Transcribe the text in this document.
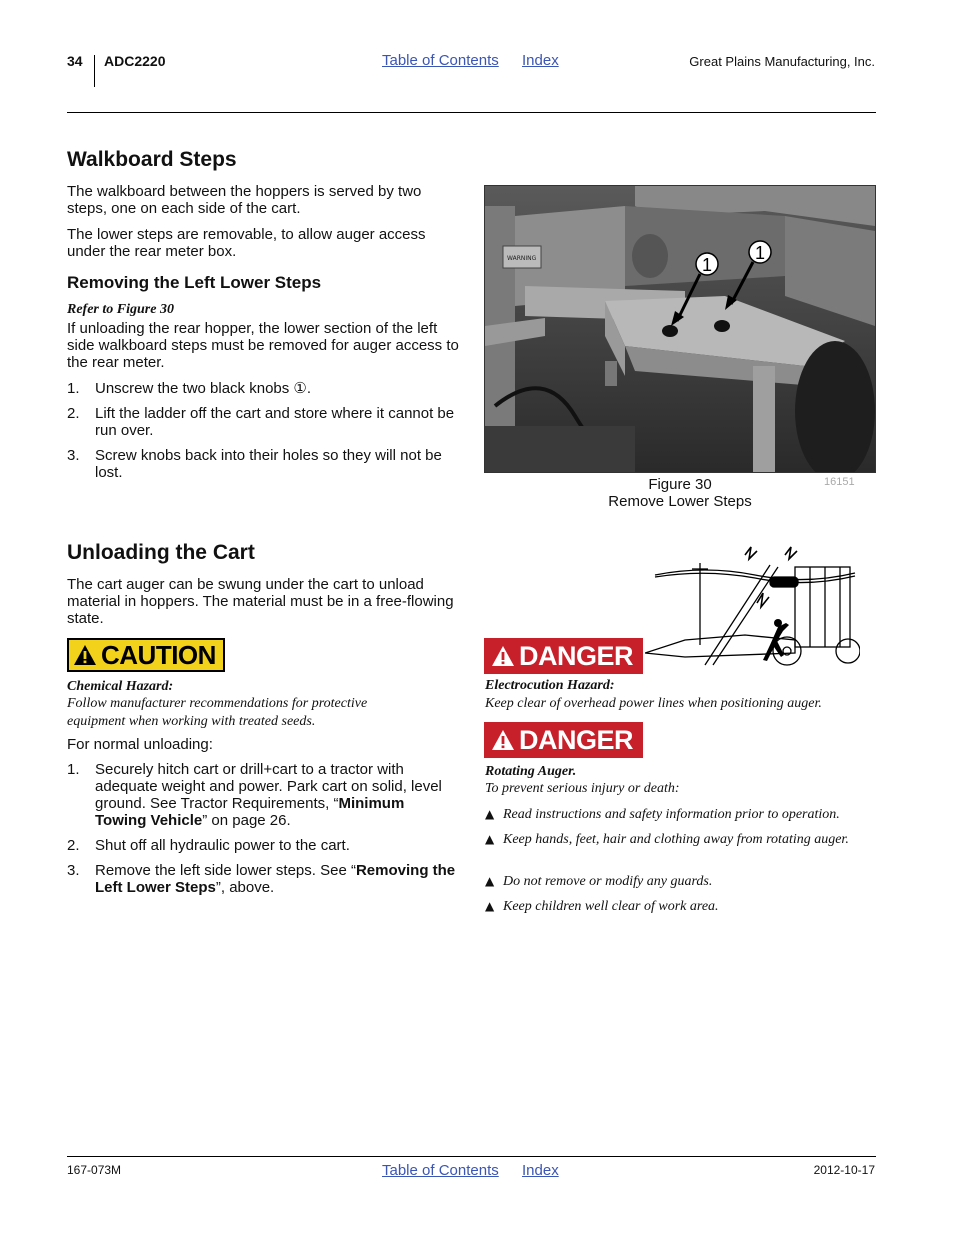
34 ADC2220	Table of Contents Index	Great Plains Manufacturing, Inc.
Walkboard Steps

The walkboard between the hoppers is served by two steps, one on each side of the cart.

The lower steps are removable, to allow auger access under the rear meter box.

Removing the Left Lower Steps

Refer to Figure 30

If unloading the rear hopper, the lower section of the left side walkboard steps must be removed for auger access to the rear meter.

1. Unscrew the two black knobs ①.
2. Lift the ladder off the cart and store where it cannot be run over.
3. Screw knobs back into their holes so they will not be lost.
WARNING	1
1
Figure 30
Remove Lower Steps
16151
Unloading the Cart

The cart auger can be swung under the cart to unload material in hoppers. The material must be in a free-flowing state.

CAUTION
Chemical Hazard:
Follow manufacturer recommendations for protective equipment when working with treated seeds.

For normal unloading:

1. Securely hitch cart or drill+cart to a tractor with adequate weight and power. Park cart on solid, level ground. See Tractor Requirements, “Minimum Towing Vehicle” on page 26.
2. Shut off all hydraulic power to the cart.
3. Remove the left side lower steps. See “Removing the Left Lower Steps”, above.
DANGER
Electrocution Hazard:
Keep clear of overhead power lines when positioning auger.
DANGER
Rotating Auger.
To prevent serious injury or death:
▲ Read instructions and safety information prior to operation.
▲ Keep hands, feet, hair and clothing away from rotating auger.
▲ Do not remove or modify any guards.
▲ Keep children well clear of work area.
167-073M	Table of Contents Index	2012-10-17
